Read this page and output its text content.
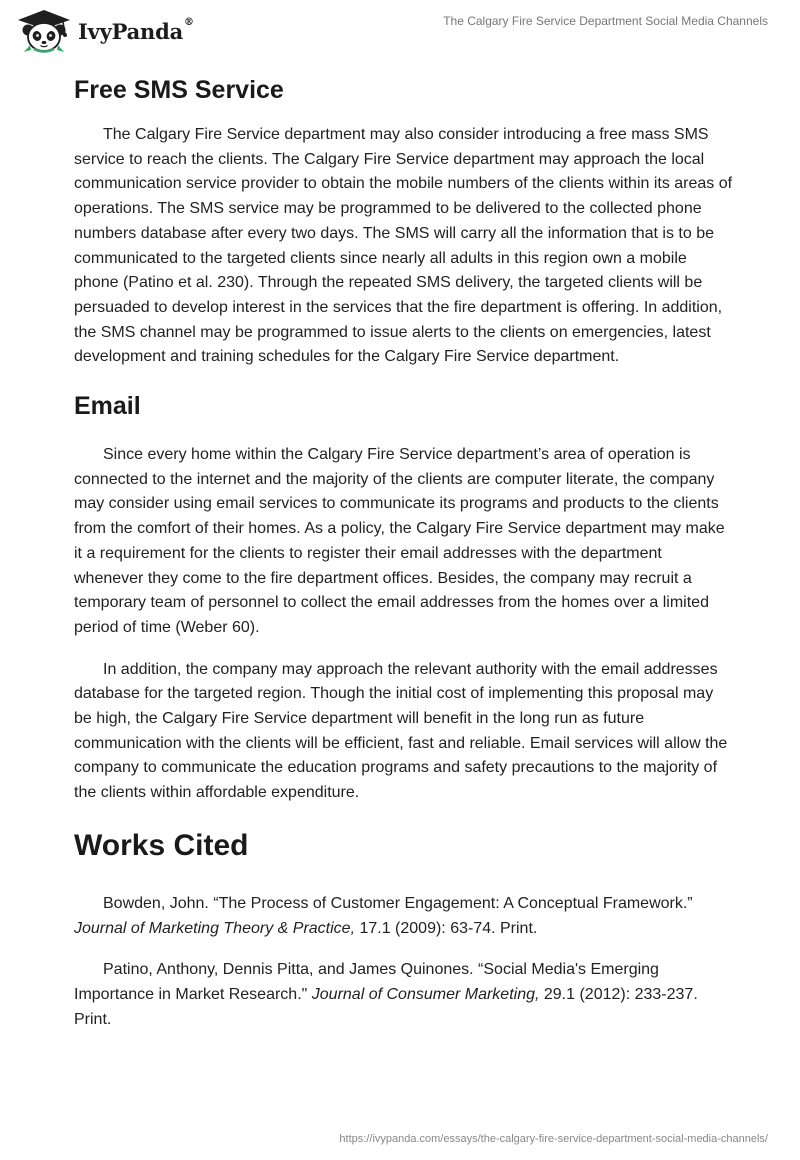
IvyPanda®	The Calgary Fire Service Department Social Media Channels
Free SMS Service

The Calgary Fire Service department may also consider introducing a free mass SMS service to reach the clients. The Calgary Fire Service department may approach the local communication service provider to obtain the mobile numbers of the clients within its areas of operations. The SMS service may be programmed to be delivered to the collected phone numbers database after every two days. The SMS will carry all the information that is to be communicated to the targeted clients since nearly all adults in this region own a mobile phone (Patino et al. 230). Through the repeated SMS delivery, the targeted clients will be persuaded to develop interest in the services that the fire department is offering. In addition, the SMS channel may be programmed to issue alerts to the clients on emergencies, latest development and training schedules for the Calgary Fire Service department.

Email

Since every home within the Calgary Fire Service department’s area of operation is connected to the internet and the majority of the clients are computer literate, the company may consider using email services to communicate its programs and products to the clients from the comfort of their homes. As a policy, the Calgary Fire Service department may make it a requirement for the clients to register their email addresses with the department whenever they come to the fire department offices. Besides, the company may recruit a temporary team of personnel to collect the email addresses from the homes over a limited period of time (Weber 60).

In addition, the company may approach the relevant authority with the email addresses database for the targeted region. Though the initial cost of implementing this proposal may be high, the Calgary Fire Service department will benefit in the long run as future communication with the clients will be efficient, fast and reliable. Email services will allow the company to communicate the education programs and safety precautions to the majority of the clients within affordable expenditure.

Works Cited

Bowden, John. “The Process of Customer Engagement: A Conceptual Framework.” Journal of Marketing Theory & Practice, 17.1 (2009): 63-74. Print.

Patino, Anthony, Dennis Pitta, and James Quinones. “Social Media's Emerging Importance in Market Research." Journal of Consumer Marketing, 29.1 (2012): 233-237. Print.

https://ivypanda.com/essays/the-calgary-fire-service-department-social-media-channels/
